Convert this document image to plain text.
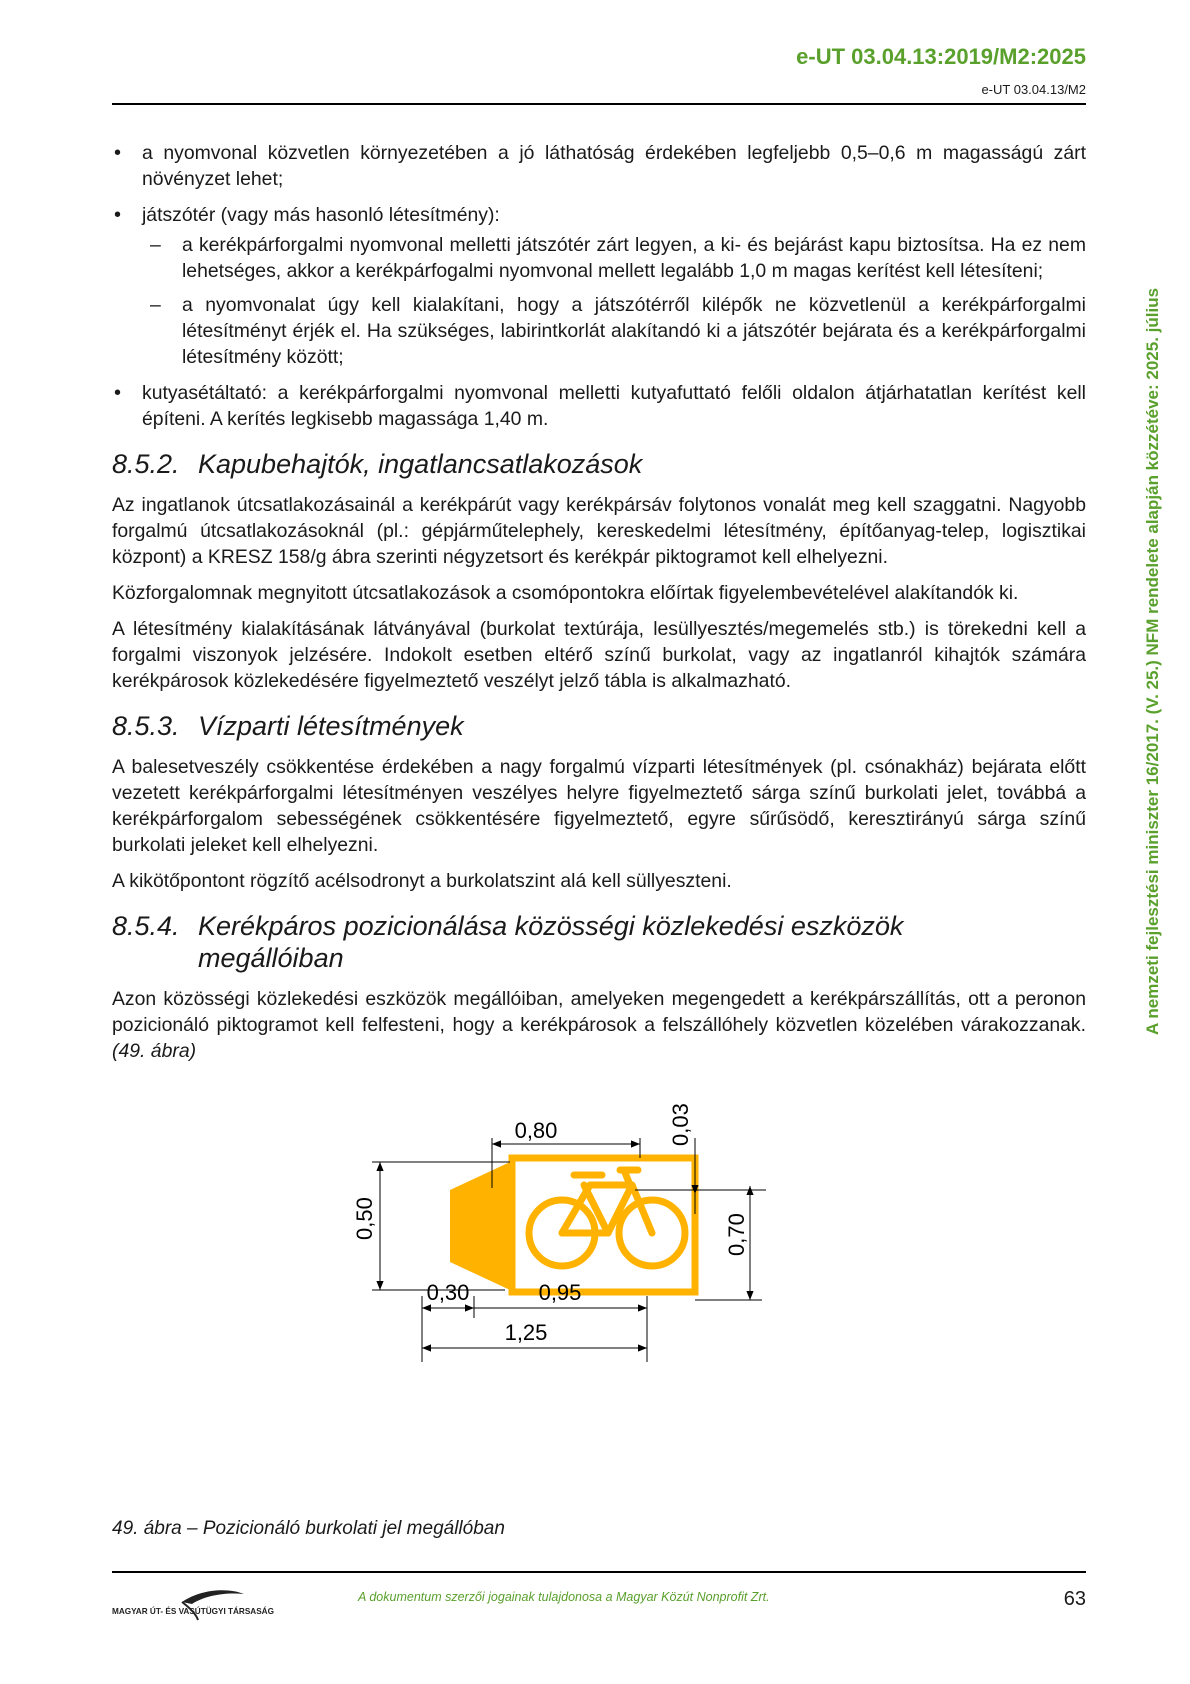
e-UT 03.04.13:2019/M2:2025
e-UT 03.04.13/M2
A nemzeti fejlesztési miniszter 16/2017. (V. 25.) NFM rendelete alapján közzétéve: 2025. július
• a nyomvonal közvetlen környezetében a jó láthatóság érdekében legfeljebb 0,5–0,6 m magasságú zárt növényzet lehet;
• játszótér (vagy más hasonló létesítmény):
– a kerékpárforgalmi nyomvonal melletti játszótér zárt legyen, a ki- és bejárást kapu biztosítsa. Ha ez nem lehetséges, akkor a kerékpárfogalmi nyomvonal mellett legalább 1,0 m magas kerítést kell létesíteni;
– a nyomvonalat úgy kell kialakítani, hogy a játszótérről kilépők ne közvetlenül a kerékpárforgalmi létesítményt érjék el. Ha szükséges, labirintkorlát alakítandó ki a játszótér bejárata és a kerékpárforgalmi létesítmény között;
• kutyasétáltató: a kerékpárforgalmi nyomvonal melletti kutyafuttató felőli oldalon átjárhatatlan kerítést kell építeni. A kerítés legkisebb magassága 1,40 m.
8.5.2. Kapubehajtók, ingatlancsatlakozások

Az ingatlanok útcsatlakozásainál a kerékpárút vagy kerékpársáv folytonos vonalát meg kell szaggatni. Nagyobb forgalmú útcsatlakozásoknál (pl.: gépjárműtelephely, kereskedelmi létesítmény, építőanyag-telep, logisztikai központ) a KRESZ 158/g ábra szerinti négyzetsort és kerékpár piktogramot kell elhelyezni.

Közforgalomnak megnyitott útcsatlakozások a csomópontokra előírtak figyelembevételével alakítandók ki.

A létesítmény kialakításának látványával (burkolat textúrája, lesüllyesztés/megemelés stb.) is törekedni kell a forgalmi viszonyok jelzésére. Indokolt esetben eltérő színű burkolat, vagy az ingatlanról kihajtók számára kerékpárosok közlekedésére figyelmeztető veszélyt jelző tábla is alkalmazható.

8.5.3. Vízparti létesítmények

A balesetveszély csökkentése érdekében a nagy forgalmú vízparti létesítmények (pl. csónakház) bejárata előtt vezetett kerékpárforgalmi létesítményen veszélyes helyre figyelmeztető sárga színű burkolati jelet, továbbá a kerékpárforgalom sebességének csökkentésére figyelmeztető, egyre sűrűsödő, keresztirányú sárga színű burkolati jeleket kell elhelyezni.

A kikötőpontont rögzítő acélsodronyt a burkolatszint alá kell süllyeszteni.

8.5.4. Kerékpáros pozicionálása közösségi közlekedési eszközök megállóiban

Azon közösségi közlekedési eszközök megállóiban, amelyeken megengedett a kerékpárszállítás, ott a peronon pozicionáló piktogramot kell felfesteni, hogy a kerékpárosok a felszállóhely közvetlen közelében várakozzanak. (49. ábra)

0,80	0,03
0,50	0,70
0,30	0,95
1,25
49. ábra – Pozicionáló burkolati jel megállóban
MAGYAR ÚT- ÉS VASÚTÜGYI TÁRSASÁG
A dokumentum szerzői jogainak tulajdonosa a Magyar Közút Nonprofit Zrt.	63
